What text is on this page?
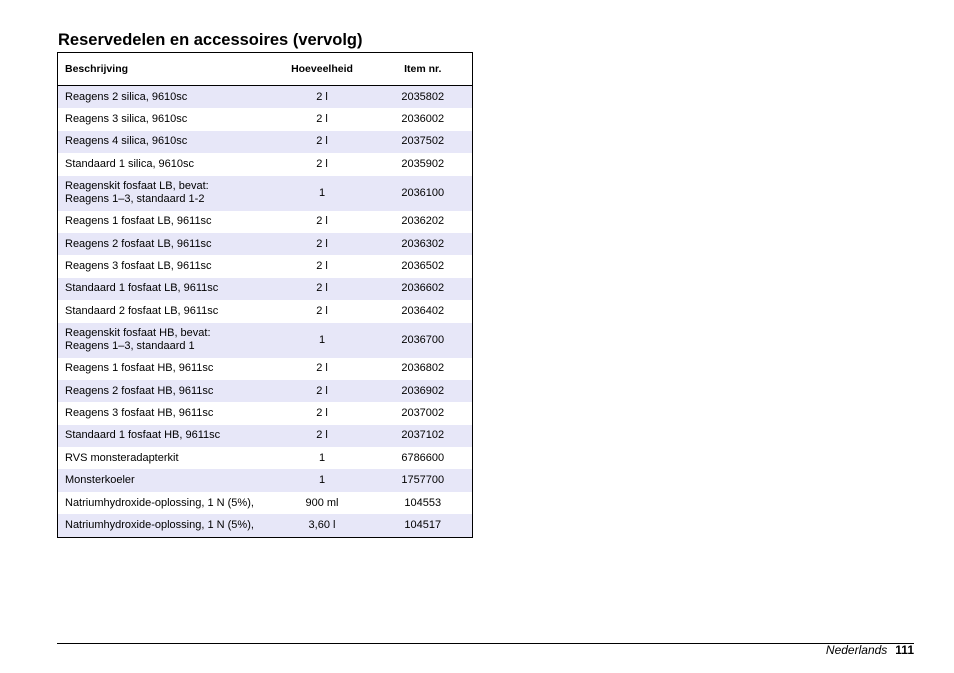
Reservedelen en accessoires (vervolg)
Beschrijving	Hoeveelheid	Item nr.

Reagens 2 silica, 9610sc	2 l	2035802

Reagens 3 silica, 9610sc	2 l	2036002

Reagens 4 silica, 9610sc	2 l	2037502

Standaard 1 silica, 9610sc	2 l	2035902

Reagenskit fosfaat LB, bevat:
Reagens 1–3, standaard 1-2	1	2036100

Reagens 1 fosfaat LB, 9611sc	2 l	2036202

Reagens 2 fosfaat LB, 9611sc	2 l	2036302

Reagens 3 fosfaat LB, 9611sc	2 l	2036502

Standaard 1 fosfaat LB, 9611sc	2 l	2036602

Standaard 2 fosfaat LB, 9611sc	2 l	2036402

Reagenskit fosfaat HB, bevat:
Reagens 1–3, standaard 1	1	2036700

Reagens 1 fosfaat HB, 9611sc	2 l	2036802

Reagens 2 fosfaat HB, 9611sc	2 l	2036902

Reagens 3 fosfaat HB, 9611sc	2 l	2037002

Standaard 1 fosfaat HB, 9611sc	2 l	2037102

RVS monsteradapterkit	1	6786600

Monsterkoeler	1	1757700

Natriumhydroxide-oplossing, 1 N (5%),	900 ml	104553

Natriumhydroxide-oplossing, 1 N (5%),	3,60 l	104517
Nederlands 111
